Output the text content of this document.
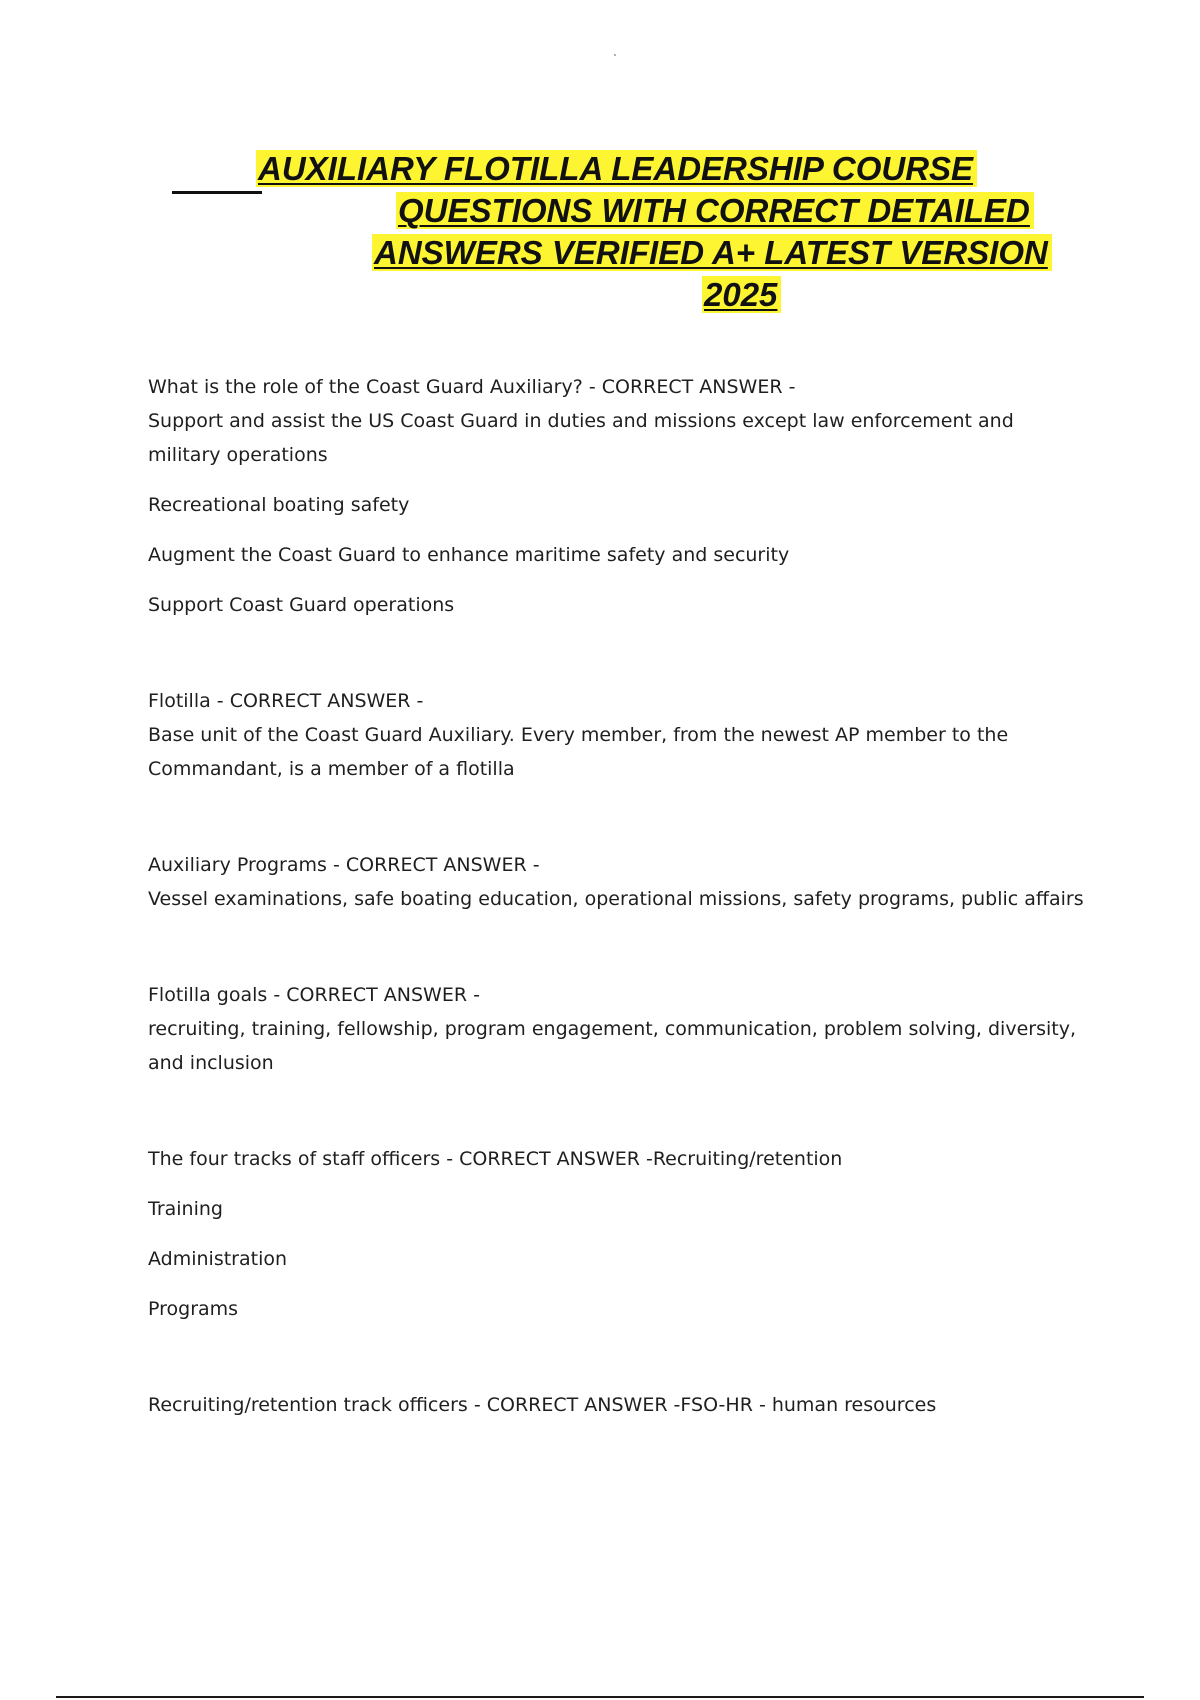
AUXILIARY FLOTILLA LEADERSHIP COURSE
QUESTIONS WITH CORRECT DETAILED
ANSWERS VERIFIED A+ LATEST VERSION
2025

What is the role of the Coast Guard Auxiliary? - CORRECT ANSWER -

Support and assist the US Coast Guard in duties and missions except law enforcement and military operations

Recreational boating safety

Augment the Coast Guard to enhance maritime safety and security

Support Coast Guard operations

Flotilla - CORRECT ANSWER -

Base unit of the Coast Guard Auxiliary. Every member, from the newest AP member to the Commandant, is a member of a flotilla

Auxiliary Programs - CORRECT ANSWER -

Vessel examinations, safe boating education, operational missions, safety programs, public affairs

Flotilla goals - CORRECT ANSWER -

recruiting, training, fellowship, program engagement, communication, problem solving, diversity, and inclusion

The four tracks of staff officers - CORRECT ANSWER -Recruiting/retention

Training

Administration

Programs

Recruiting/retention track officers - CORRECT ANSWER -FSO-HR - human resources
